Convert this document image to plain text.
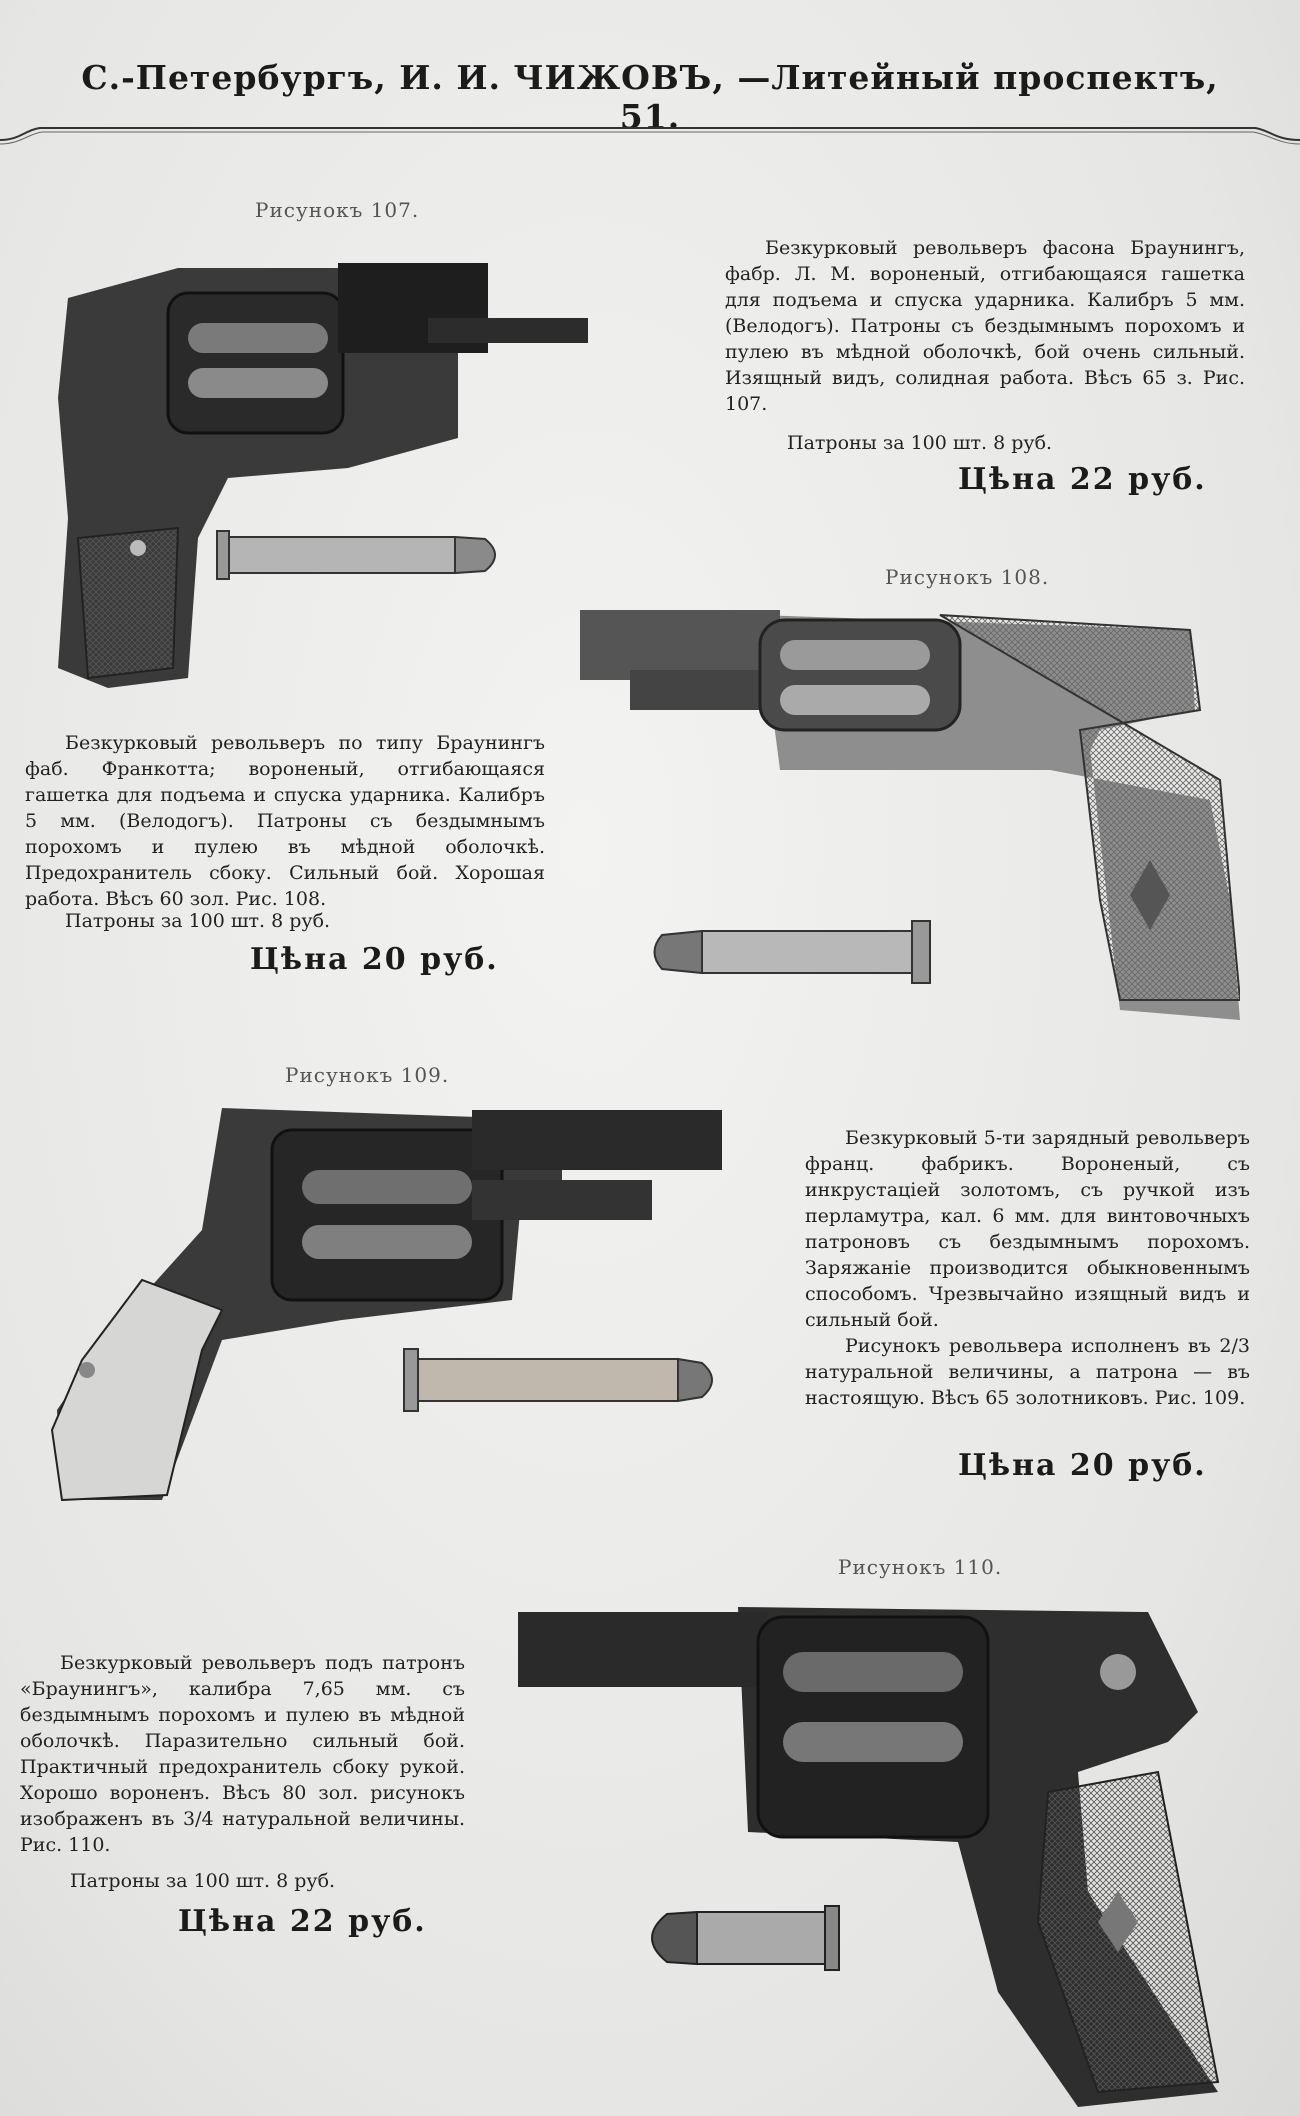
С.-Петербургъ, И. И. ЧИЖОВЪ, —Литейный проспектъ, 51.
Рисунокъ 107.

Безкурковый револьверъ фасона Браунингъ, фабр. Л. М. вороненый, отгибающаяся гашетка для подъема и спуска ударника. Калибръ 5 мм. (Велодогъ). Патроны съ бездымнымъ порохомъ и пулею въ мѣдной оболочкѣ, бой очень сильный. Изящный видъ, солидная работа. Вѣсъ 65 з. Рис. 107.

Патроны за 100 шт. 8 руб.
Цѣна 22 руб.
Рисунокъ 108.

Безкурковый револьверъ по типу Браунингъ фаб. Франкотта; вороненый, отгибающаяся гашетка для подъема и спуска ударника. Калибръ 5 мм. (Велодогъ). Патроны съ бездымнымъ порохомъ и пулею въ мѣдной оболочкѣ. Предохранитель сбоку. Сильный бой. Хорошая работа. Вѣсъ 60 зол. Рис. 108.

Патроны за 100 шт. 8 руб.
Цѣна 20 руб.
Рисунокъ 109.

Безкурковый 5-ти зарядный револьверъ франц. фабрикъ. Вороненый, съ инкрустацiей золотомъ, съ ручкой изъ перламутра, кал. 6 мм. для винтовочныхъ патроновъ съ бездымнымъ порохомъ. Заряжанiе производится обыкновеннымъ способомъ. Чрезвычайно изящный видъ и сильный бой.

Рисунокъ револьвера исполненъ въ 2/3 натуральной величины, а патрона — въ настоящую. Вѣсъ 65 золотниковъ. Рис. 109.

Цѣна 20 руб.
Рисунокъ 110.

Безкурковый револьверъ подъ патронъ «Браунингъ», калибра 7,65 мм. съ бездымнымъ порохомъ и пулею въ мѣдной оболочкѣ. Паразительно сильный бой. Практичный предохранитель сбоку рукой. Хорошо вороненъ. Вѣсъ 80 зол. рисунокъ изображенъ въ 3/4 натуральной величины. Рис. 110.

Патроны за 100 шт. 8 руб.
Цѣна 22 руб.
